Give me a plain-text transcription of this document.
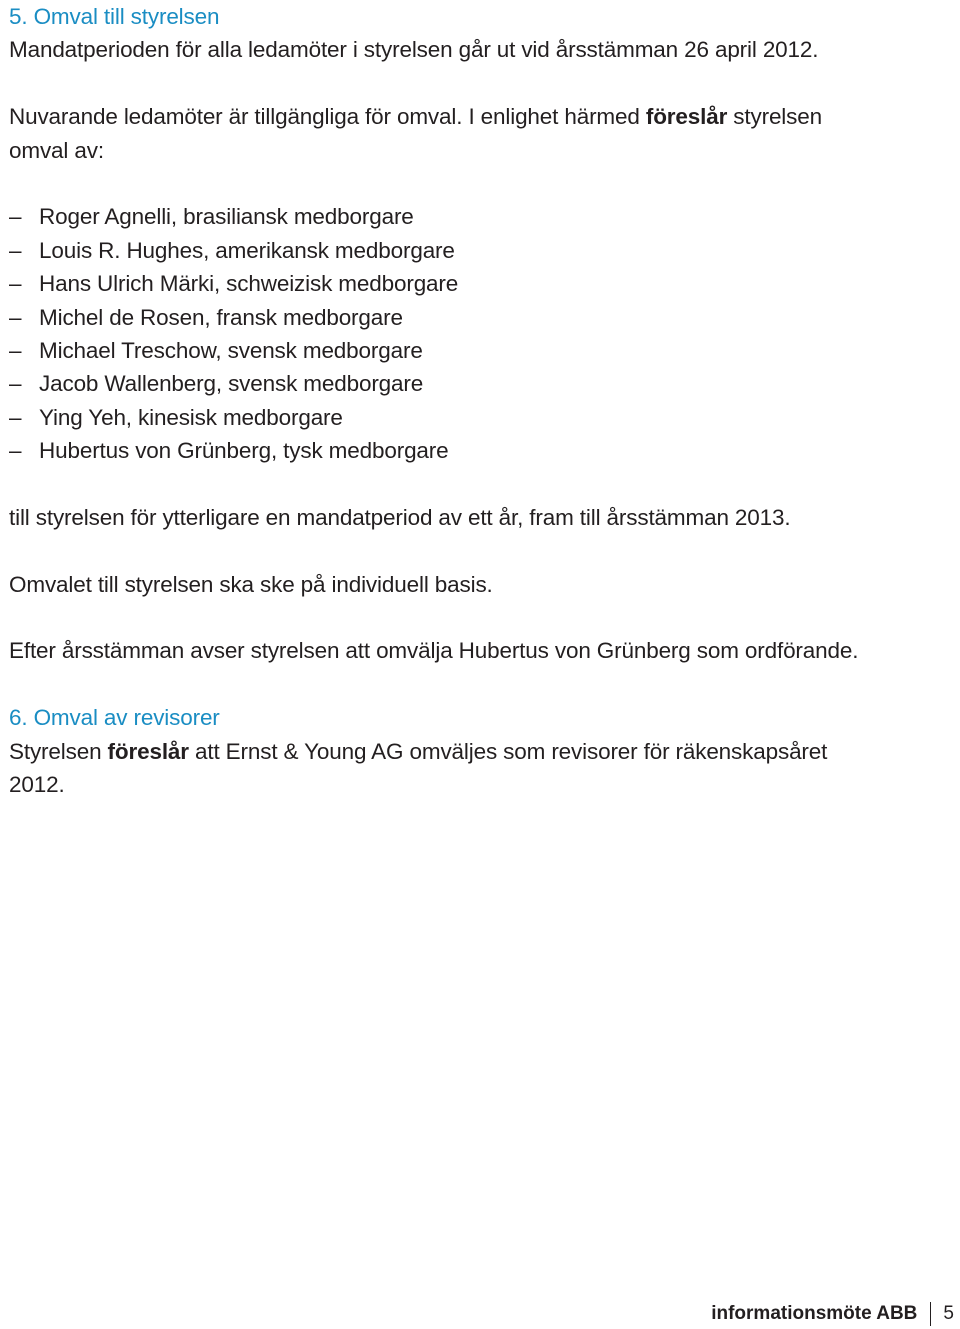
5. Omval till styrelsen
Mandatperioden för alla ledamöter i styrelsen går ut vid årsstämman 26 april 2012.
Nuvarande ledamöter är tillgängliga för omval. I enlighet härmed föreslår styrelsen
omval av:
– Roger Agnelli, brasiliansk medborgare
– Louis R. Hughes, amerikansk medborgare
– Hans Ulrich Märki, schweizisk medborgare
– Michel de Rosen, fransk medborgare
– Michael Treschow, svensk medborgare
– Jacob Wallenberg, svensk medborgare
– Ying Yeh, kinesisk medborgare
– Hubertus von Grünberg, tysk medborgare
till styrelsen för ytterligare en mandatperiod av ett år, fram till årsstämman 2013.
Omvalet till styrelsen ska ske på individuell basis.
Efter årsstämman avser styrelsen att omvälja Hubertus von Grünberg som ordförande.
6. Omval av revisorer
Styrelsen föreslår att Ernst & Young AG omväljes som revisorer för räkenskapsåret
2012.
informationsmöte ABB 5
